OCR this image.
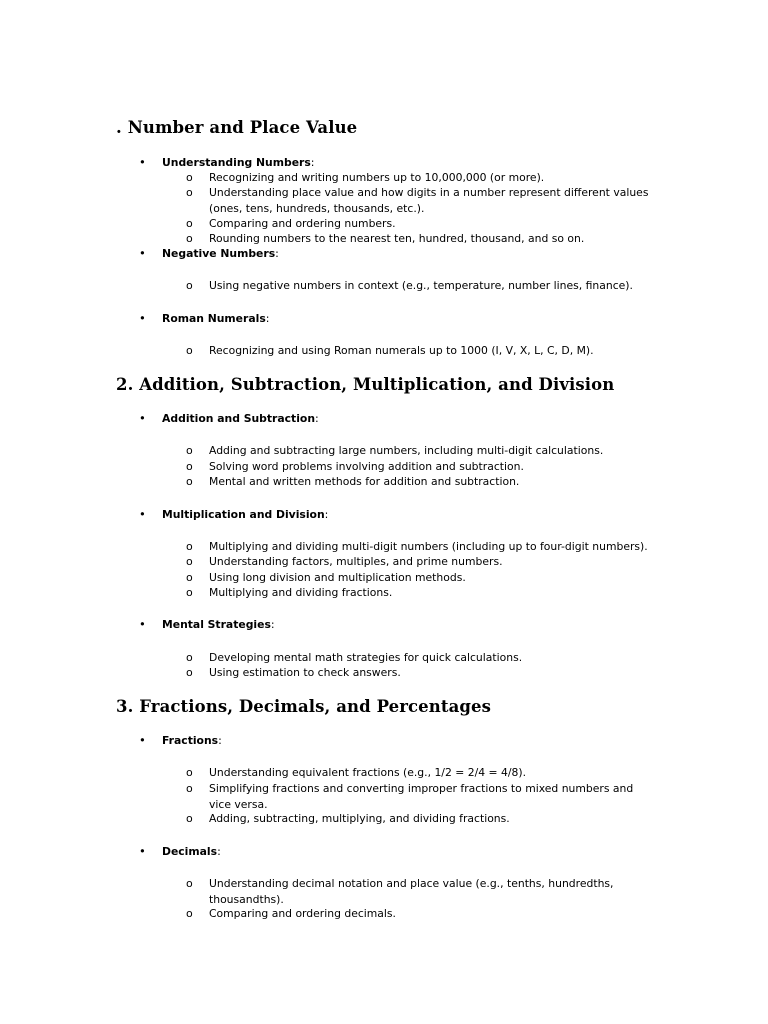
. Number and Place Value
• Understanding Numbers:
o Recognizing and writing numbers up to 10,000,000 (or more).
o Understanding place value and how digits in a number represent different values (ones, tens, hundreds, thousands, etc.).
o Comparing and ordering numbers.
o Rounding numbers to the nearest ten, hundred, thousand, and so on.
• Negative Numbers:
o Using negative numbers in context (e.g., temperature, number lines, finance).
• Roman Numerals:
o Recognizing and using Roman numerals up to 1000 (I, V, X, L, C, D, M).
2. Addition, Subtraction, Multiplication, and Division
• Addition and Subtraction:
o Adding and subtracting large numbers, including multi-digit calculations.
o Solving word problems involving addition and subtraction.
o Mental and written methods for addition and subtraction.
• Multiplication and Division:
o Multiplying and dividing multi-digit numbers (including up to four-digit numbers).
o Understanding factors, multiples, and prime numbers.
o Using long division and multiplication methods.
o Multiplying and dividing fractions.
• Mental Strategies:
o Developing mental math strategies for quick calculations.
o Using estimation to check answers.
3. Fractions, Decimals, and Percentages
• Fractions:
o Understanding equivalent fractions (e.g., 1/2 = 2/4 = 4/8).
o Simplifying fractions and converting improper fractions to mixed numbers and vice versa.
o Adding, subtracting, multiplying, and dividing fractions.
• Decimals:
o Understanding decimal notation and place value (e.g., tenths, hundredths, thousandths).
o Comparing and ordering decimals.
